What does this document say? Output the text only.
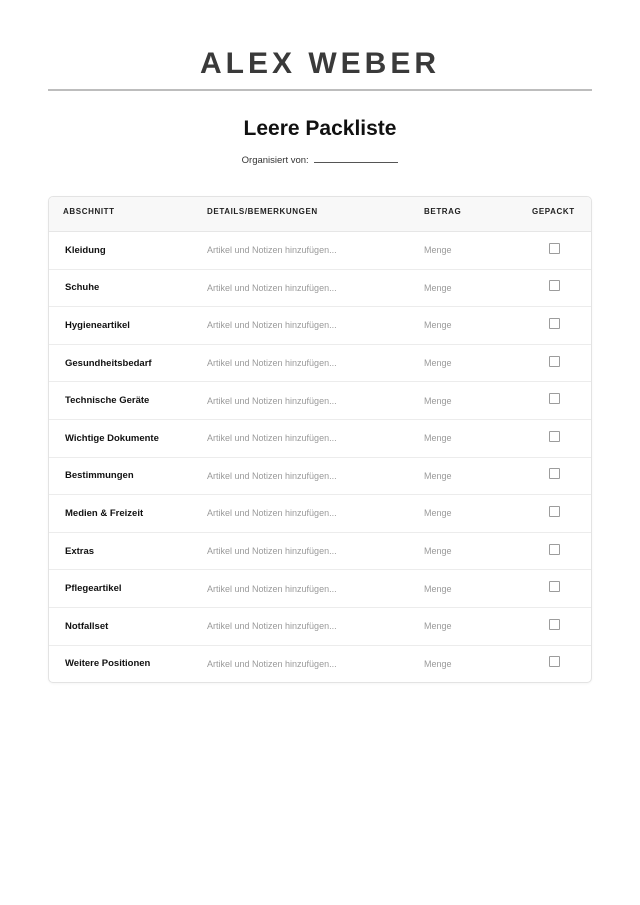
ALEX WEBER
Leere Packliste
Organisiert von:
ABSCHNITT	DETAILS/BEMERKUNGEN	BETRAG	GEPACKT
Kleidung	Artikel und Notizen hinzufügen...	Menge
Schuhe	Artikel und Notizen hinzufügen...	Menge
Hygieneartikel	Artikel und Notizen hinzufügen...	Menge
Gesundheitsbedarf	Artikel und Notizen hinzufügen...	Menge
Technische Geräte	Artikel und Notizen hinzufügen...	Menge
Wichtige Dokumente	Artikel und Notizen hinzufügen...	Menge
Bestimmungen	Artikel und Notizen hinzufügen...	Menge
Medien & Freizeit	Artikel und Notizen hinzufügen...	Menge
Extras	Artikel und Notizen hinzufügen...	Menge
Pflegeartikel	Artikel und Notizen hinzufügen...	Menge
Notfallset	Artikel und Notizen hinzufügen...	Menge
Weitere Positionen	Artikel und Notizen hinzufügen...	Menge
